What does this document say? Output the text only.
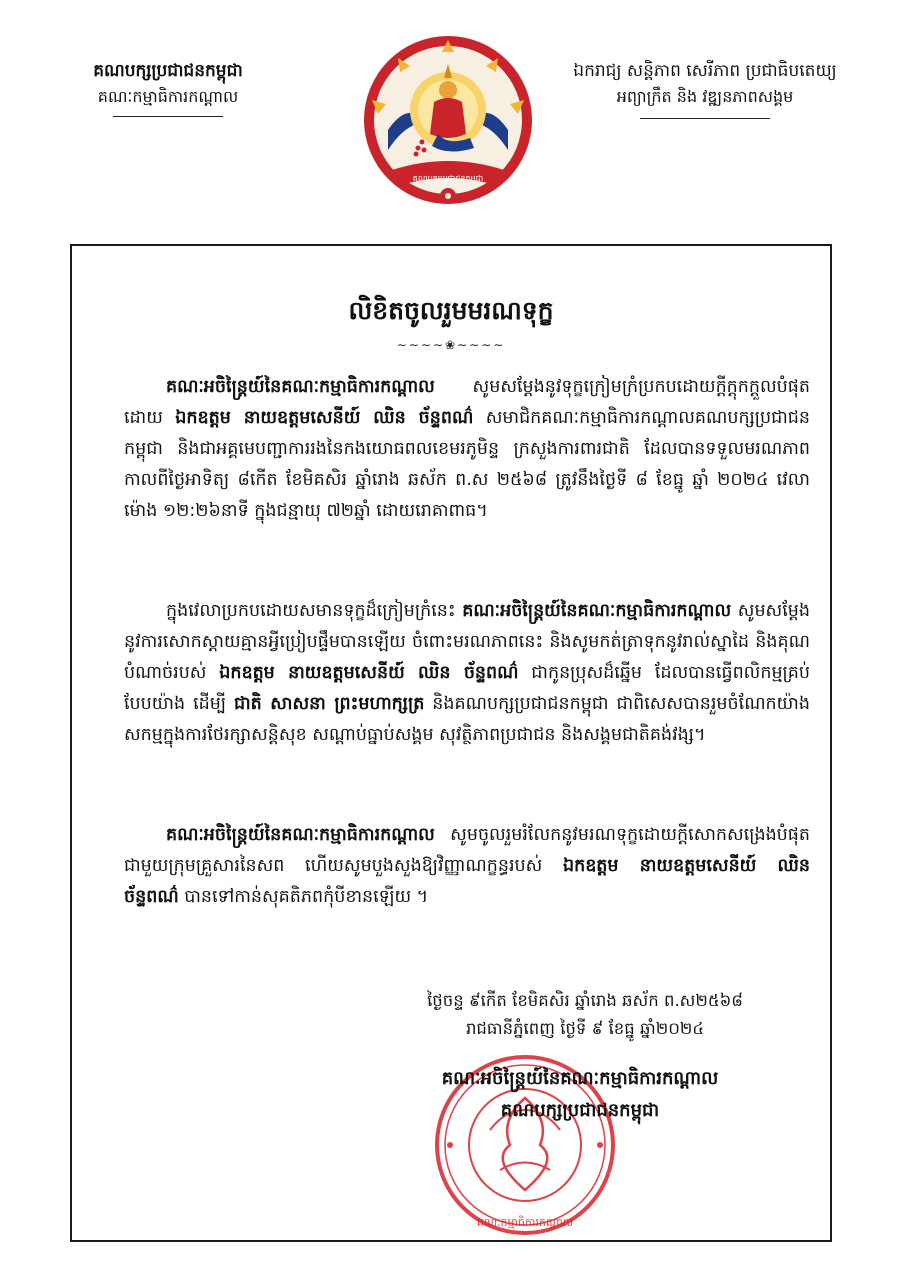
គណបក្សប្រជាជនកម្ពុជា
គណៈកម្មាធិការកណ្តាល
គណបក្សប្រជាជនកម្ពុជា
ឯករាជ្យ សន្តិភាព សេរីភាព ប្រជាធិបតេយ្យ
អព្យាក្រឹត និង វឌ្ឍនភាពសង្គម
លិខិតចូលរួមមរណទុក្ខ
∼∼∼∼❀∼∼∼∼
គណៈអចិន្ត្រៃយ៍នៃគណៈកម្មាធិការកណ្តាល សូមសម្តែងនូវទុក្ខក្រៀមក្រំប្រកបដោយក្តីក្តុកក្តួលបំផុតដោយ ឯកឧត្តម នាយឧត្តមសេនីយ៍ ឈិន ច័ន្ទពណ៌ សមាជិកគណៈកម្មាធិការកណ្តាលគណបក្សប្រជាជនកម្ពុជា និងជាអគ្គមេបញ្ជាការរងនៃកងយោធពលខេមរភូមិន្ទ ក្រសួងការពារជាតិ ដែលបានទទួលមរណភាព កាលពីថ្ងៃអាទិត្យ ៨កើត ខែមិគសិរ ឆ្នាំរោង ឆស័ក ព.ស ២៥៦៨ ត្រូវនឹងថ្ងៃទី ៨ ខែធ្នូ ឆ្នាំ ២០២៤ វេលាម៉ោង ១២:២៦នាទី ក្នុងជន្មាយុ ៧២ឆ្នាំ ដោយរោគាពាធ។
ក្នុងវេលាប្រកបដោយសមានទុក្ខដ៏ក្រៀមក្រំនេះ គណៈអចិន្ត្រៃយ៍នៃគណៈកម្មាធិការកណ្តាល សូមសម្តែងនូវការសោកស្តាយគ្មានអ្វីប្រៀបផ្ទឹមបានឡើយ ចំពោះមរណភាពនេះ និងសូមកត់ត្រាទុកនូវរាល់ស្នាដៃ និងគុណបំណាច់របស់ ឯកឧត្តម នាយឧត្តមសេនីយ៍ ឈិន ច័ន្ទពណ៌ ជាកូនប្រុសដ៏ឆ្នើម ដែលបានធ្វើពលិកម្មគ្រប់បែបយ៉ាង ដើម្បី ជាតិ សាសនា ព្រះមហាក្សត្រ និងគណបក្សប្រជាជនកម្ពុជា ជាពិសេសបានរួមចំណែកយ៉ាងសកម្មក្នុងការថែរក្សាសន្តិសុខ សណ្តាប់ធ្នាប់សង្គម សុវត្ថិភាពប្រជាជន និងសង្គមជាតិគង់វង្ស។
គណៈអចិន្ត្រៃយ៍នៃគណៈកម្មាធិការកណ្តាល សូមចូលរួមរំលែកនូវមរណទុក្ខដោយក្តីសោកសង្រេងបំផុតជាមួយក្រុមគ្រួសារនៃសព ហើយសូមបួងសួងឱ្យវិញ្ញាណក្ខន្ធរបស់ ឯកឧត្តម នាយឧត្តមសេនីយ៍ ឈិន ច័ន្ទពណ៌ បានទៅកាន់សុគតិភពកុំបីខានឡើយ ។
ថ្ងៃចន្ទ ៩កើត ខែមិគសិរ ឆ្នាំរោង ឆស័ក ព.ស២៥៦៨
រាជធានីភ្នំពេញ ថ្ងៃទី ៩ ខែធ្នូ ឆ្នាំ២០២៤
គណៈកម្មាធិការកណ្តាល
គណៈអចិន្ត្រៃយ៍នៃគណៈកម្មាធិការកណ្តាល
គណបក្សប្រជាជនកម្ពុជា
